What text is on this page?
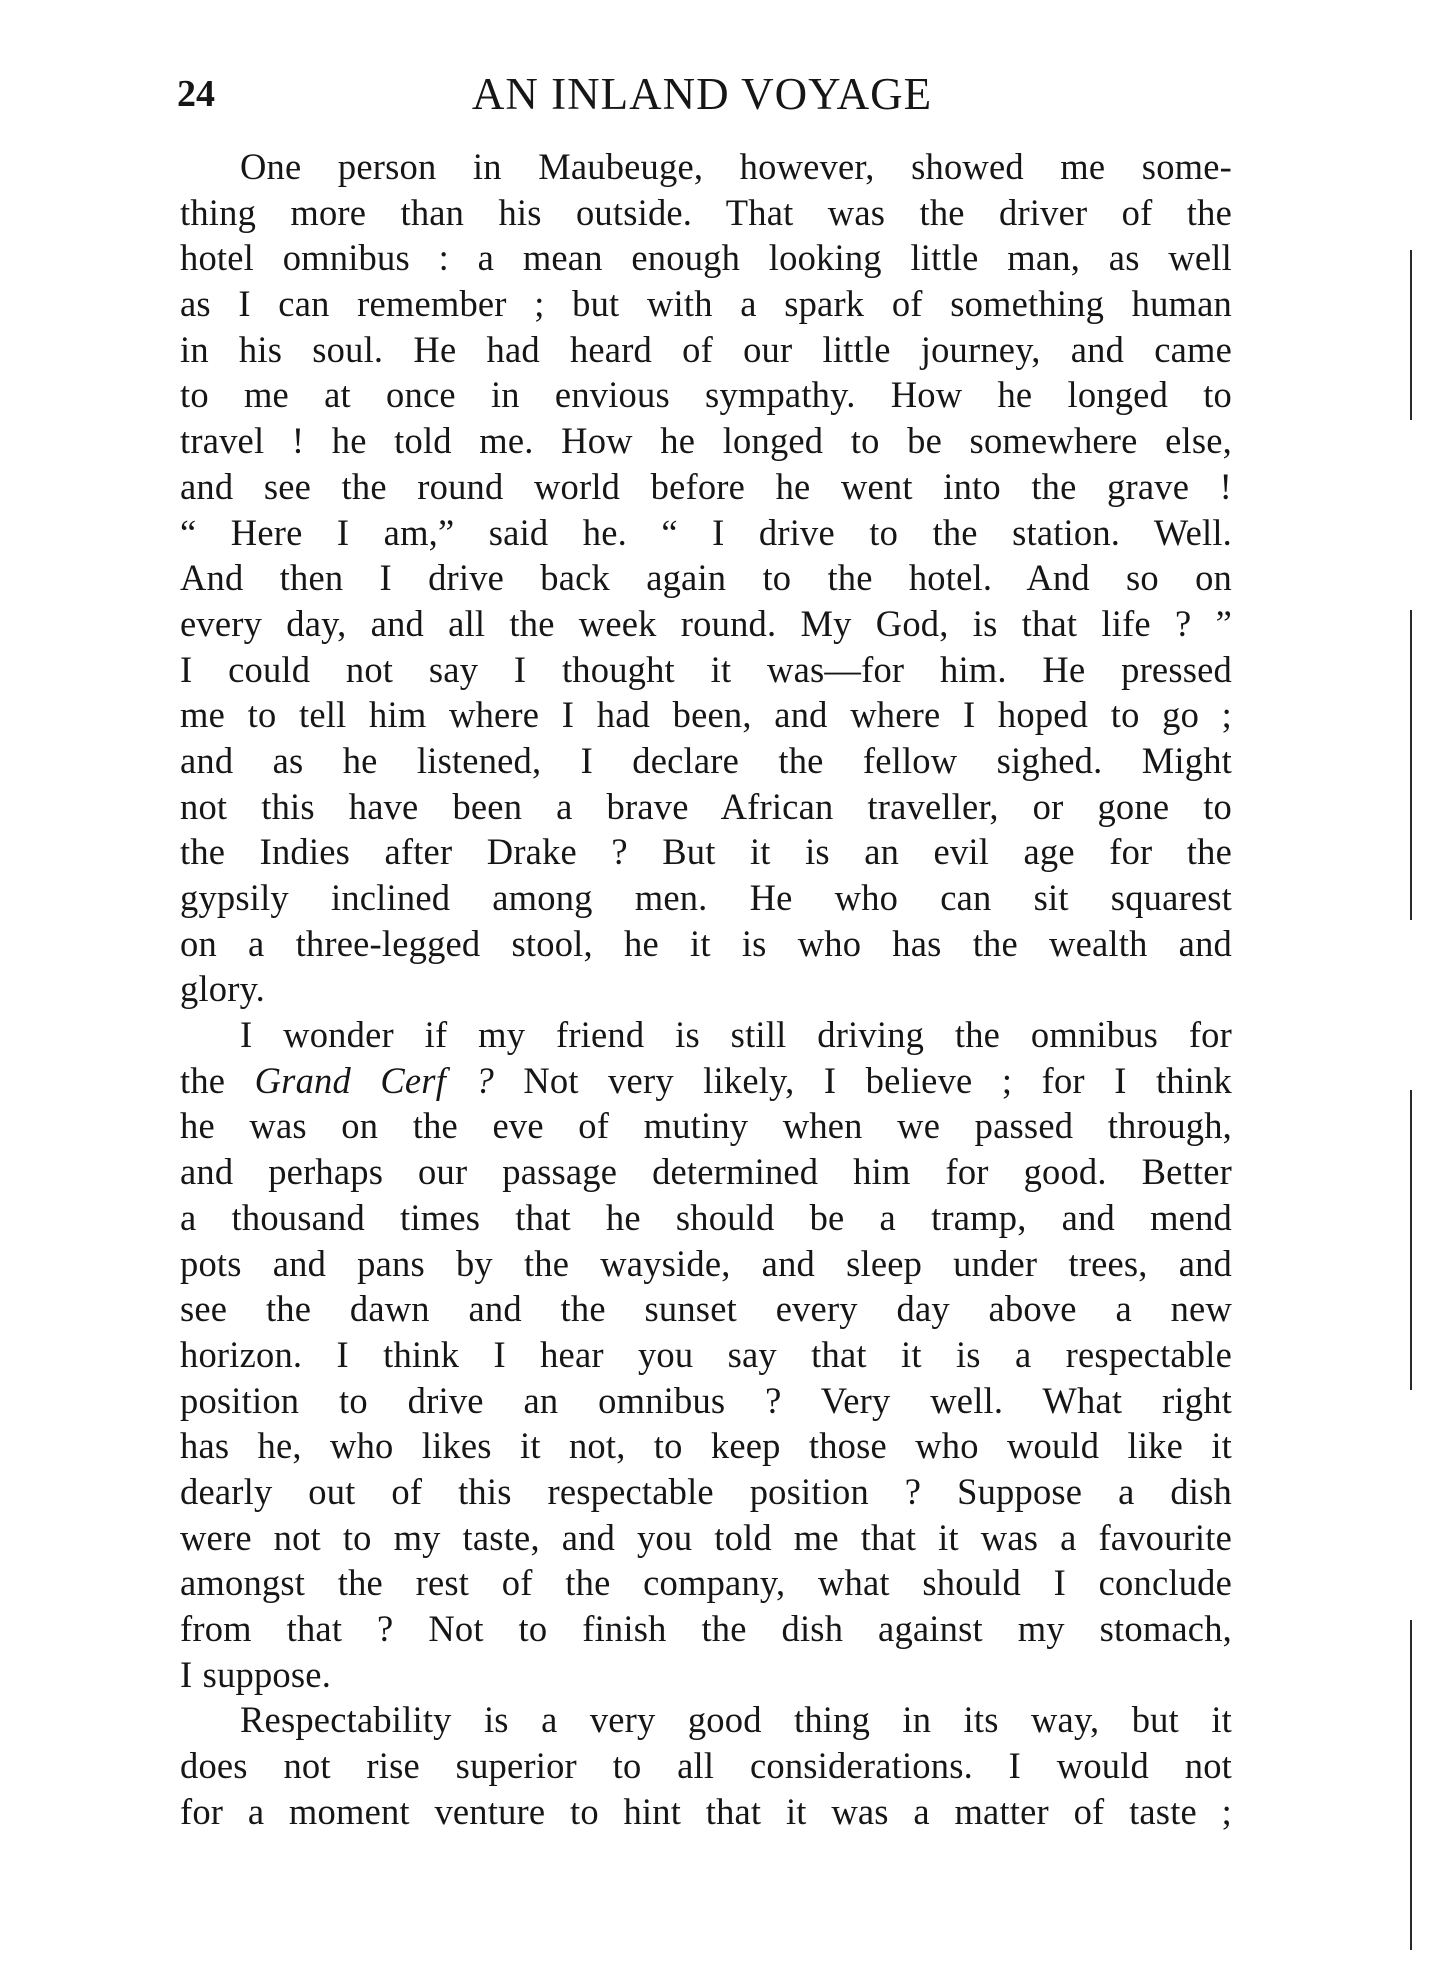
24	AN INLAND VOYAGE
One person in Maubeuge, however, showed me some-
thing more than his outside. That was the driver of the
hotel omnibus : a mean enough looking little man, as well
as I can remember ; but with a spark of something human
in his soul. He had heard of our little journey, and came
to me at once in envious sympathy. How he longed to
travel ! he told me. How he longed to be somewhere else,
and see the round world before he went into the grave !
“ Here I am,” said he. “ I drive to the station. Well.
And then I drive back again to the hotel. And so on
every day, and all the week round. My God, is that life ? ”
I could not say I thought it was—for him. He pressed
me to tell him where I had been, and where I hoped to go ;
and as he listened, I declare the fellow sighed. Might
not this have been a brave African traveller, or gone to
the Indies after Drake ? But it is an evil age for the
gypsily inclined among men. He who can sit squarest
on a three-legged stool, he it is who has the wealth and
glory.
I wonder if my friend is still driving the omnibus for
the Grand Cerf ? Not very likely, I believe ; for I think
he was on the eve of mutiny when we passed through,
and perhaps our passage determined him for good. Better
a thousand times that he should be a tramp, and mend
pots and pans by the wayside, and sleep under trees, and
see the dawn and the sunset every day above a new
horizon. I think I hear you say that it is a respectable
position to drive an omnibus ? Very well. What right
has he, who likes it not, to keep those who would like it
dearly out of this respectable position ? Suppose a dish
were not to my taste, and you told me that it was a favourite
amongst the rest of the company, what should I conclude
from that ? Not to finish the dish against my stomach,
I suppose.
Respectability is a very good thing in its way, but it
does not rise superior to all considerations. I would not
for a moment venture to hint that it was a matter of taste ;
